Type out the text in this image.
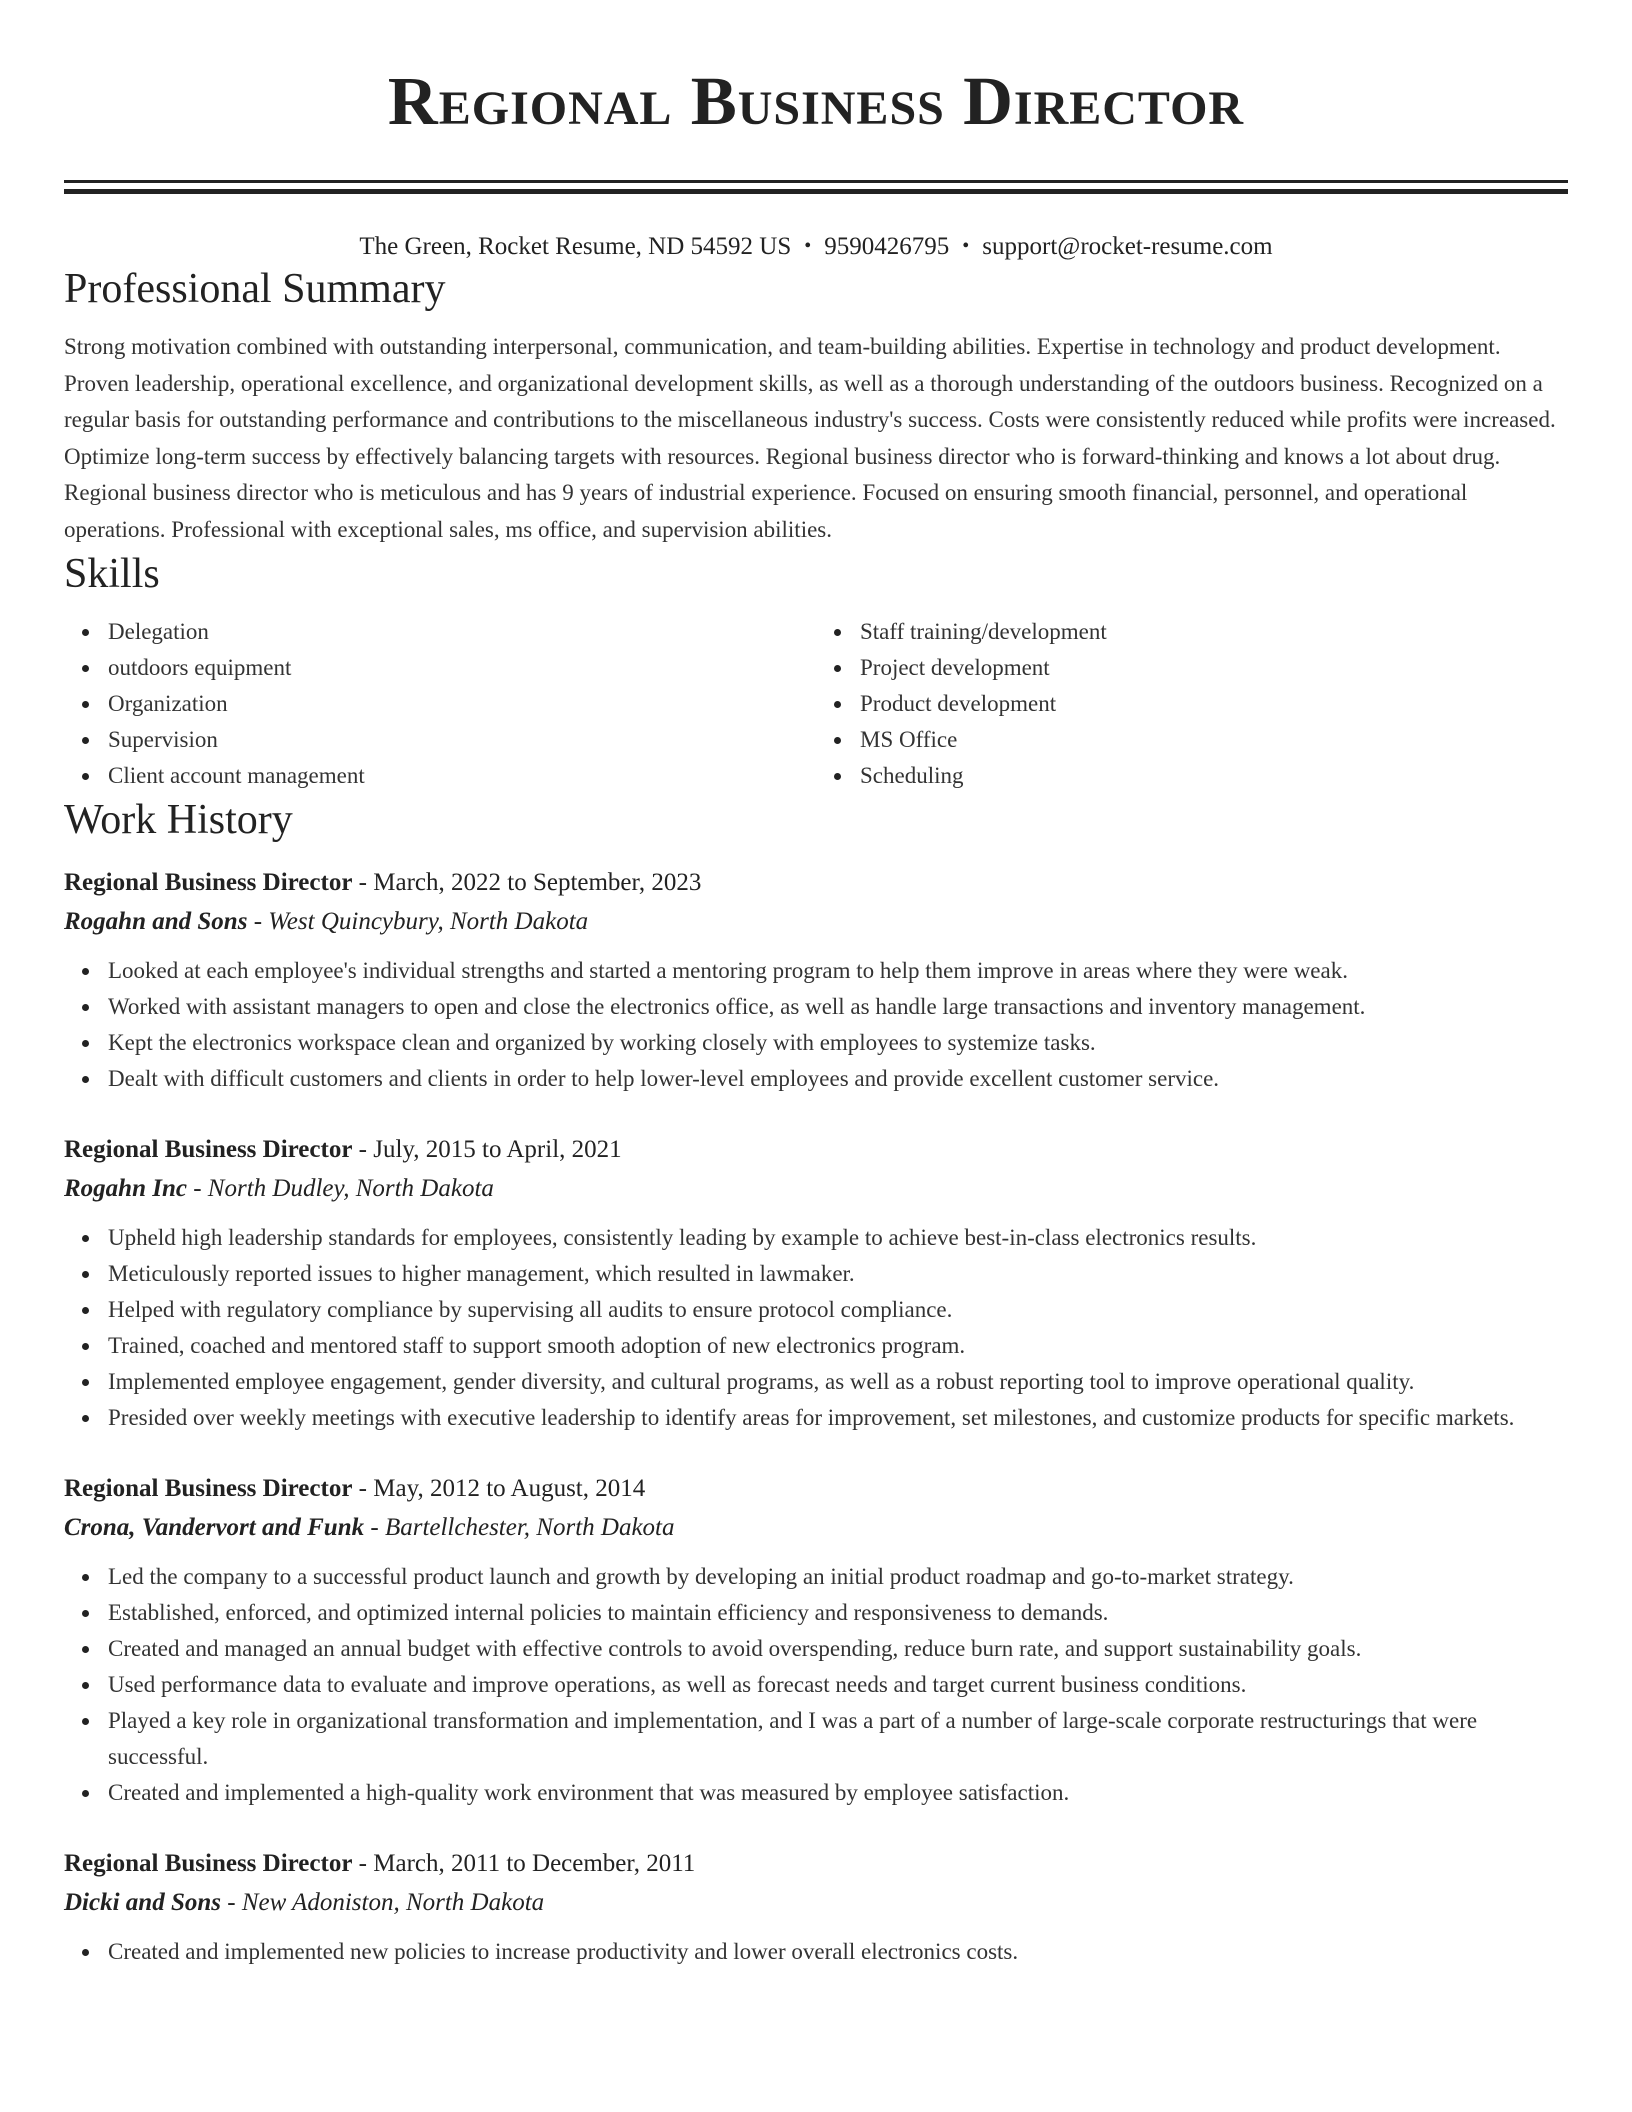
Regional Business Director
The Green, Rocket Resume, ND 54592 US • 9590426795 • support@rocket-resume.com
Professional Summary
Strong motivation combined with outstanding interpersonal, communication, and team-building abilities. Expertise in technology and product development. Proven leadership, operational excellence, and organizational development skills, as well as a thorough understanding of the outdoors business. Recognized on a regular basis for outstanding performance and contributions to the miscellaneous industry's success. Costs were consistently reduced while profits were increased. Optimize long-term success by effectively balancing targets with resources. Regional business director who is forward-thinking and knows a lot about drug. Regional business director who is meticulous and has 9 years of industrial experience. Focused on ensuring smooth financial, personnel, and operational operations. Professional with exceptional sales, ms office, and supervision abilities.
Skills
Delegation
outdoors equipment
Organization
Supervision
Client account management
Staff training/development
Project development
Product development
MS Office
Scheduling
Work History
Regional Business Director - March, 2022 to September, 2023
Rogahn and Sons - West Quincybury, North Dakota
Looked at each employee's individual strengths and started a mentoring program to help them improve in areas where they were weak.
Worked with assistant managers to open and close the electronics office, as well as handle large transactions and inventory management.
Kept the electronics workspace clean and organized by working closely with employees to systemize tasks.
Dealt with difficult customers and clients in order to help lower-level employees and provide excellent customer service.
Regional Business Director - July, 2015 to April, 2021
Rogahn Inc - North Dudley, North Dakota
Upheld high leadership standards for employees, consistently leading by example to achieve best-in-class electronics results.
Meticulously reported issues to higher management, which resulted in lawmaker.
Helped with regulatory compliance by supervising all audits to ensure protocol compliance.
Trained, coached and mentored staff to support smooth adoption of new electronics program.
Implemented employee engagement, gender diversity, and cultural programs, as well as a robust reporting tool to improve operational quality.
Presided over weekly meetings with executive leadership to identify areas for improvement, set milestones, and customize products for specific markets.
Regional Business Director - May, 2012 to August, 2014
Crona, Vandervort and Funk - Bartellchester, North Dakota
Led the company to a successful product launch and growth by developing an initial product roadmap and go-to-market strategy.
Established, enforced, and optimized internal policies to maintain efficiency and responsiveness to demands.
Created and managed an annual budget with effective controls to avoid overspending, reduce burn rate, and support sustainability goals.
Used performance data to evaluate and improve operations, as well as forecast needs and target current business conditions.
Played a key role in organizational transformation and implementation, and I was a part of a number of large-scale corporate restructurings that were successful.
Created and implemented a high-quality work environment that was measured by employee satisfaction.
Regional Business Director - March, 2011 to December, 2011
Dicki and Sons - New Adoniston, North Dakota
Created and implemented new policies to increase productivity and lower overall electronics costs.
